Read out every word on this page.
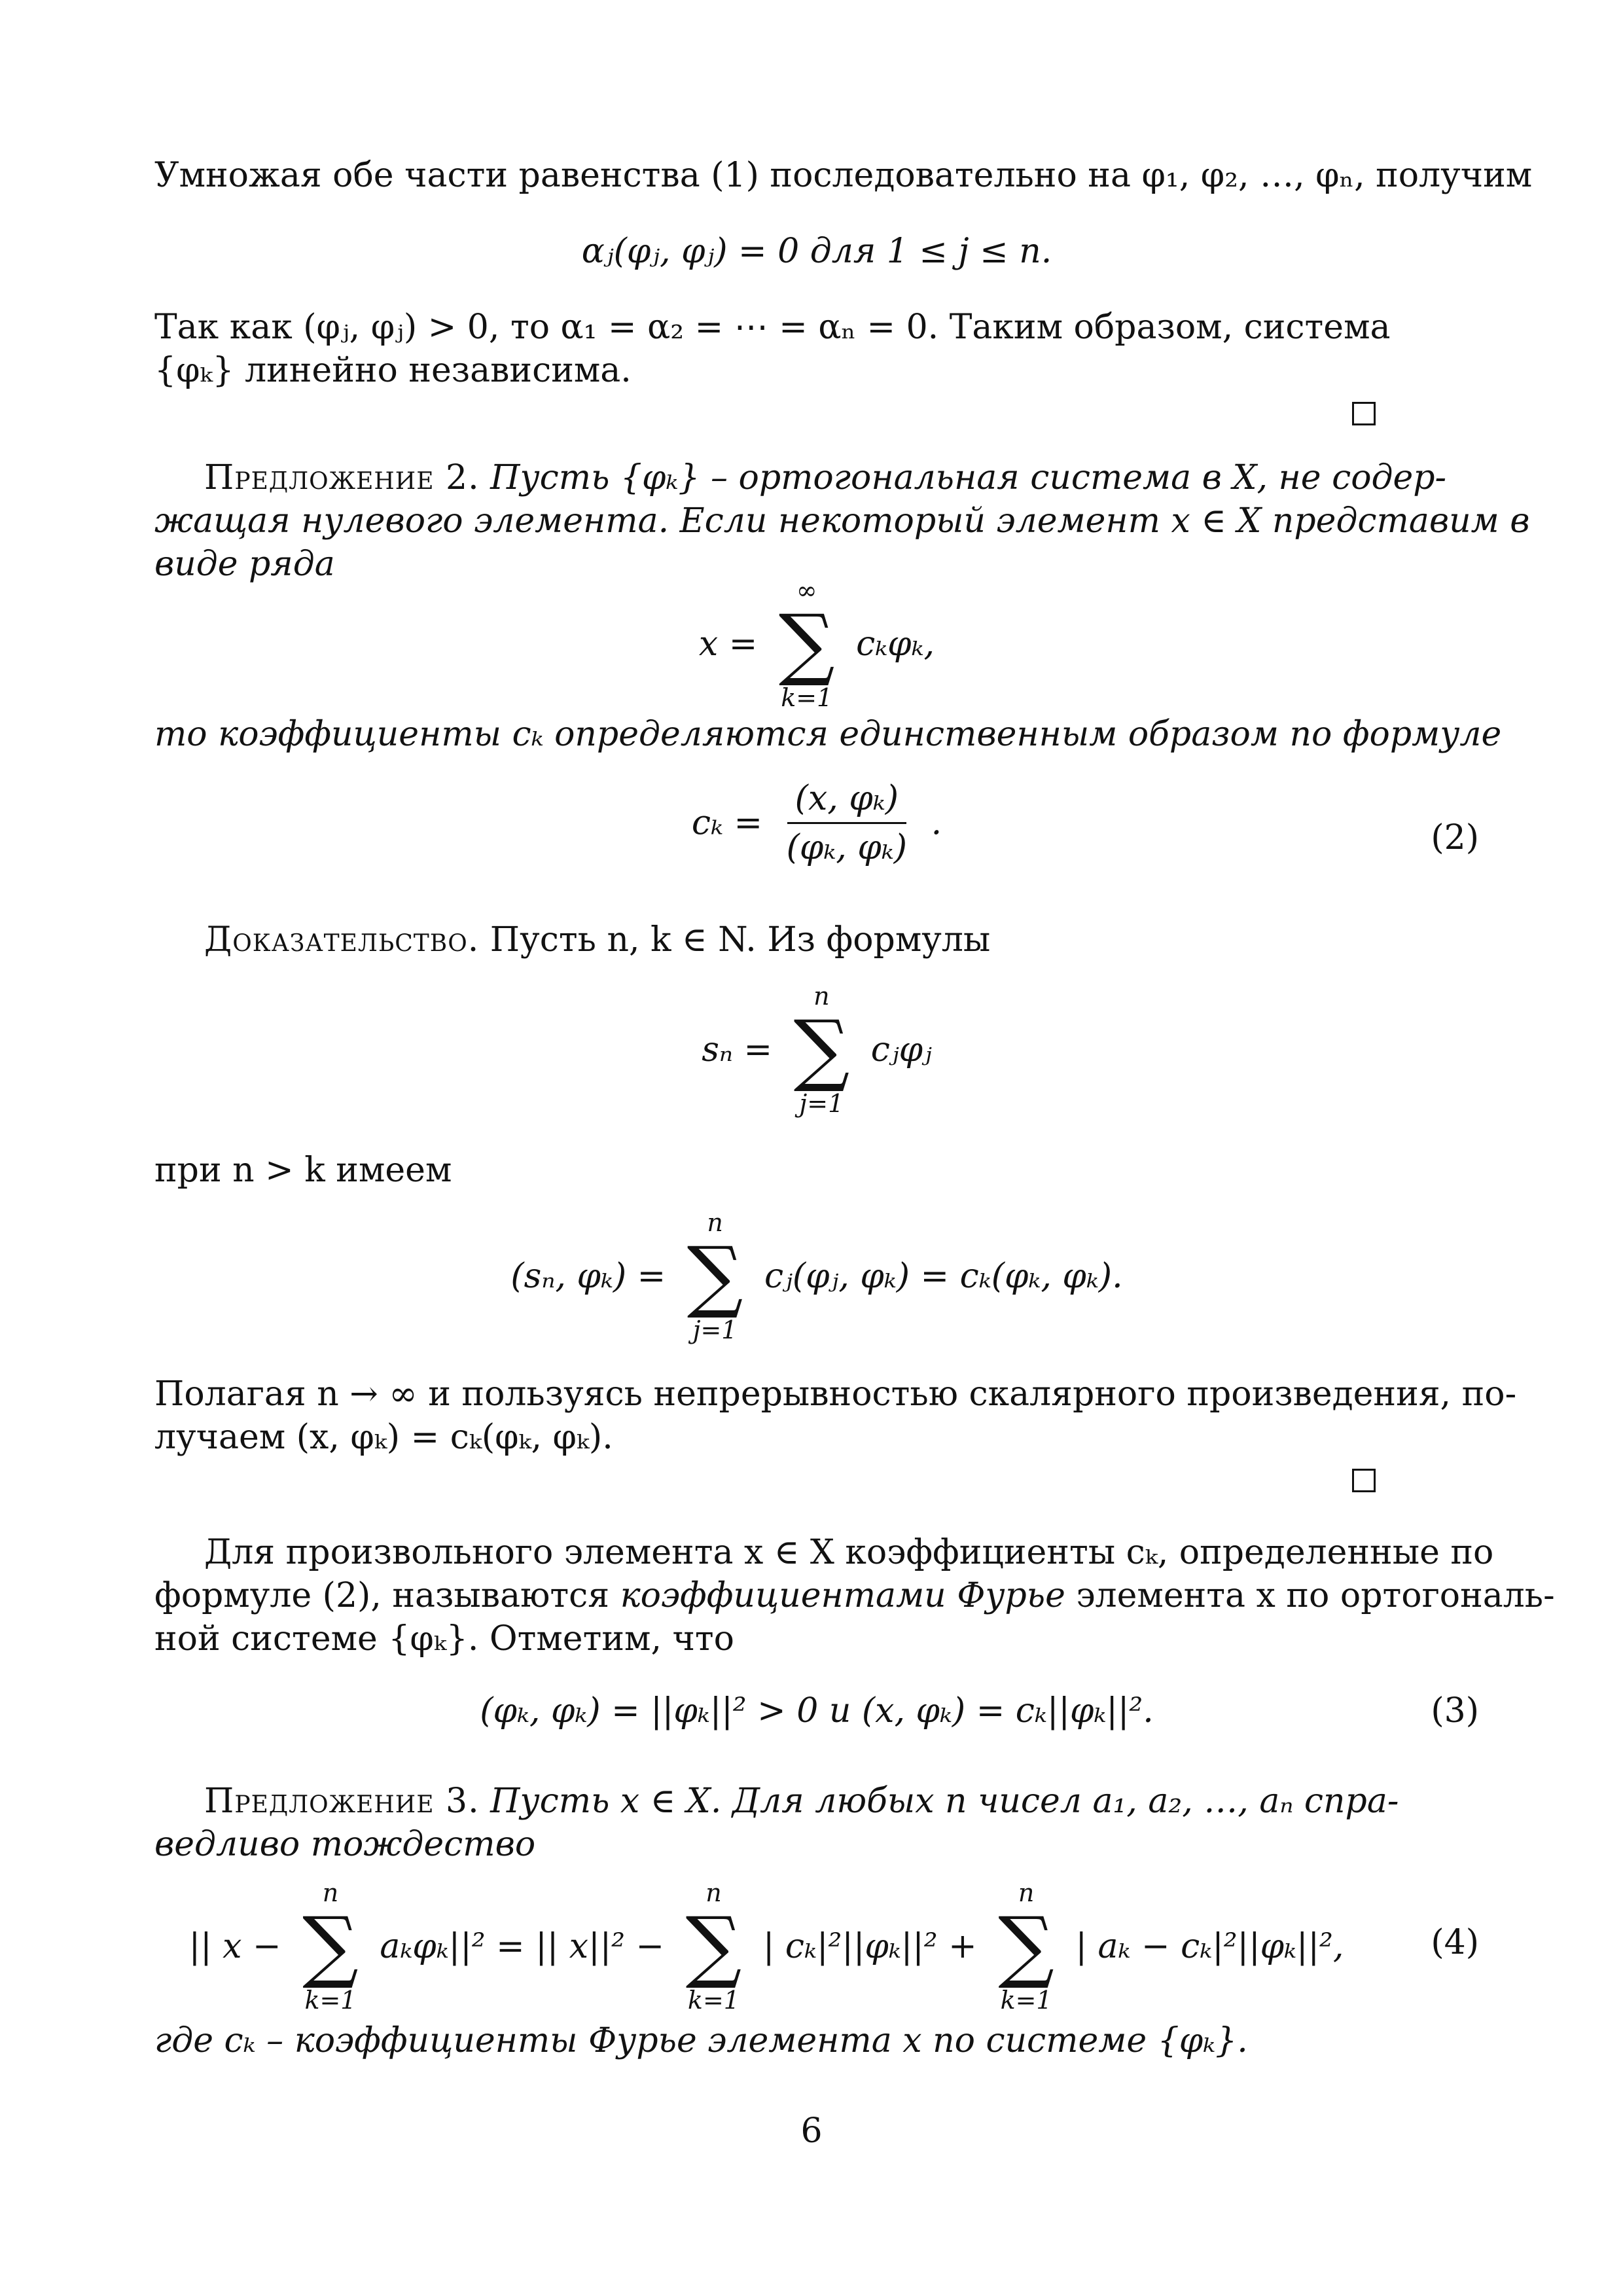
Умножая обе части равенства (1) последовательно на φ₁, φ₂, …, φₙ, получим
αⱼ(φⱼ, φⱼ) = 0 для 1 ≤ j ≤ n.
Так как (φⱼ, φⱼ) > 0, то α₁ = α₂ = ⋯ = αₙ = 0. Таким образом, система
{φₖ} линейно независима.
Предложение 2. Пусть {φₖ} – ортогональная система в X, не содер-
жащая нулевого элемента. Если некоторый элемент x ∈ X представим в
виде ряда
x =
∞
∑
k=1
cₖφₖ,
то коэффициенты cₖ определяются единственным образом по формуле
$c_k = \frac{\text{(x, φₖ)}}{\text{(φₖ, φₖ)}}$ .	(2)
Доказательство. Пусть n, k ∈ N. Из формулы
sₙ =
n
∑
j=1
cⱼφⱼ
при n > k имеем
(sₙ, φₖ) =
n
∑
j=1
cⱼ(φⱼ, φₖ) = cₖ(φₖ, φₖ).
Полагая n → ∞ и пользуясь непрерывностью скалярного произведения, по-
лучаем (x, φₖ) = cₖ(φₖ, φₖ).
Для произвольного элемента x ∈ X коэффициенты cₖ, определенные по
формуле (2), называются коэффициентами Фурье элемента x по ортогональ-
ной системе {φₖ}. Отметим, что
(φₖ, φₖ) = ||φₖ||² > 0 и (x, φₖ) = cₖ||φₖ||².	(3)
Предложение 3. Пусть x ∈ X. Для любых n чисел a₁, a₂, …, aₙ спра-
ведливо тождество
|| x −
n
∑
k=1
aₖφₖ||² = || x||² −
n
∑
k=1
| cₖ|²||φₖ||² +
n
∑
k=1
| aₖ − cₖ|²||φₖ||²,	(4)
где cₖ – коэффициенты Фурье элемента x по системе {φₖ}.
6
